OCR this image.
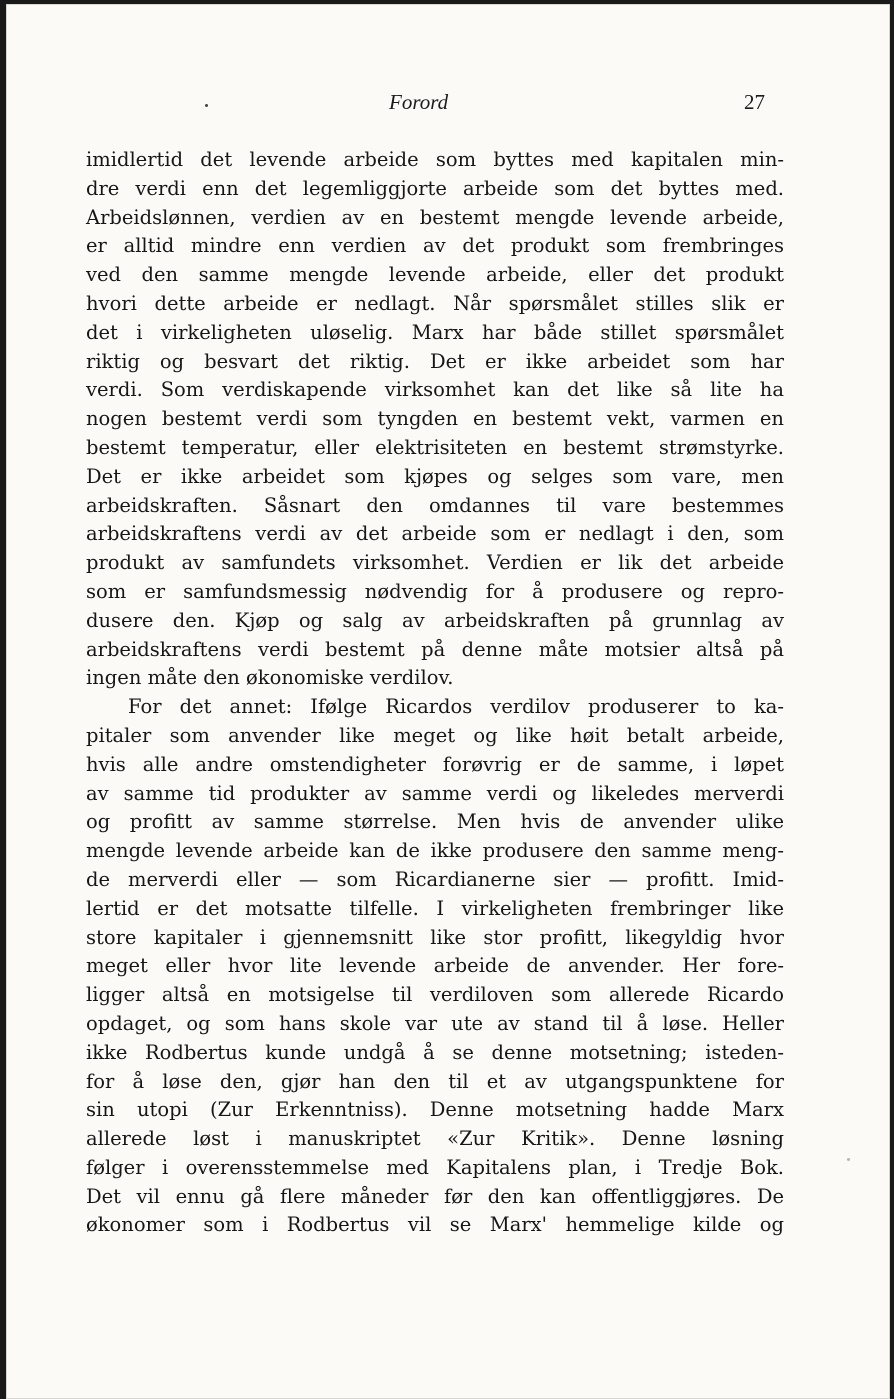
Forord	27
imidlertid det levende arbeide som byttes med kapitalen min-
dre verdi enn det legemliggjorte arbeide som det byttes med.
Arbeidslønnen, verdien av en bestemt mengde levende arbeide,
er alltid mindre enn verdien av det produkt som frembringes
ved den samme mengde levende arbeide, eller det produkt
hvori dette arbeide er nedlagt. Når spørsmålet stilles slik er
det i virkeligheten uløselig. Marx har både stillet spørsmålet
riktig og besvart det riktig. Det er ikke arbeidet som har
verdi. Som verdiskapende virksomhet kan det like så lite ha
nogen bestemt verdi som tyngden en bestemt vekt, varmen en
bestemt temperatur, eller elektrisiteten en bestemt strømstyrke.
Det er ikke arbeidet som kjøpes og selges som vare, men
arbeidskraften. Såsnart den omdannes til vare bestemmes
arbeidskraftens verdi av det arbeide som er nedlagt i den, som
produkt av samfundets virksomhet. Verdien er lik det arbeide
som er samfundsmessig nødvendig for å produsere og repro-
dusere den. Kjøp og salg av arbeidskraften på grunnlag av
arbeidskraftens verdi bestemt på denne måte motsier altså på
ingen måte den økonomiske verdilov.
For det annet: Ifølge Ricardos verdilov produserer to ka-
pitaler som anvender like meget og like høit betalt arbeide,
hvis alle andre omstendigheter forøvrig er de samme, i løpet
av samme tid produkter av samme verdi og likeledes merverdi
og profitt av samme størrelse. Men hvis de anvender ulike
mengde levende arbeide kan de ikke produsere den samme meng-
de merverdi eller — som Ricardianerne sier — profitt. Imid-
lertid er det motsatte tilfelle. I virkeligheten frembringer like
store kapitaler i gjennemsnitt like stor profitt, likegyldig hvor
meget eller hvor lite levende arbeide de anvender. Her fore-
ligger altså en motsigelse til verdiloven som allerede Ricardo
opdaget, og som hans skole var ute av stand til å løse. Heller
ikke Rodbertus kunde undgå å se denne motsetning; isteden-
for å løse den, gjør han den til et av utgangspunktene for
sin utopi (Zur Erkenntniss). Denne motsetning hadde Marx
allerede løst i manuskriptet «Zur Kritik». Denne løsning
følger i overensstemmelse med Kapitalens plan, i Tredje Bok.
Det vil ennu gå flere måneder før den kan offentliggjøres. De
økonomer som i Rodbertus vil se Marx' hemmelige kilde og
